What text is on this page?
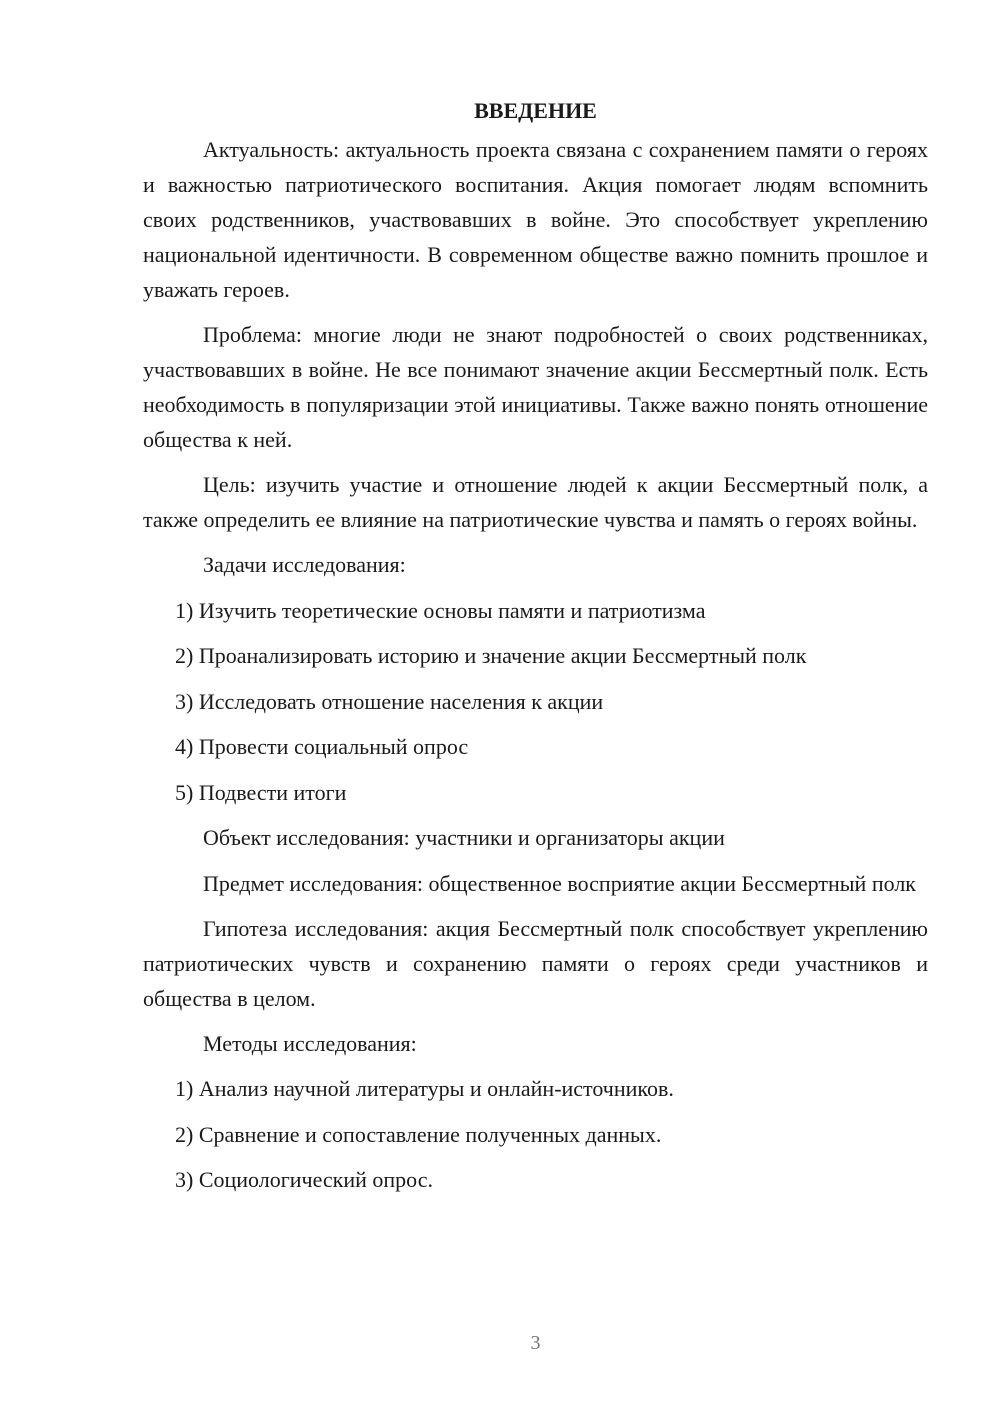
ВВЕДЕНИЕ

Актуальность: актуальность проекта связана с сохранением памяти о героях и важностью патриотического воспитания. Акция помогает людям вспомнить своих родственников, участвовавших в войне. Это способствует укреплению национальной идентичности. В современном обществе важно помнить прошлое и уважать героев.

Проблема: многие люди не знают подробностей о своих родственниках, участвовавших в войне. Не все понимают значение акции Бессмертный полк. Есть необходимость в популяризации этой инициативы. Также важно понять отношение общества к ней.

Цель: изучить участие и отношение людей к акции Бессмертный полк, а также определить ее влияние на патриотические чувства и память о героях войны.

Задачи исследования:
1) Изучить теоретические основы памяти и патриотизма
2) Проанализировать историю и значение акции Бессмертный полк
3) Исследовать отношение населения к акции
4) Провести социальный опрос
5) Подвести итоги
Объект исследования: участники и организаторы акции

Предмет исследования: общественное восприятие акции Бессмертный полк

Гипотеза исследования: акция Бессмертный полк способствует укреплению патриотических чувств и сохранению памяти о героях среди участников и общества в целом.

Методы исследования:
1) Анализ научной литературы и онлайн-источников.
2) Сравнение и сопоставление полученных данных.
3) Социологический опрос.
3
